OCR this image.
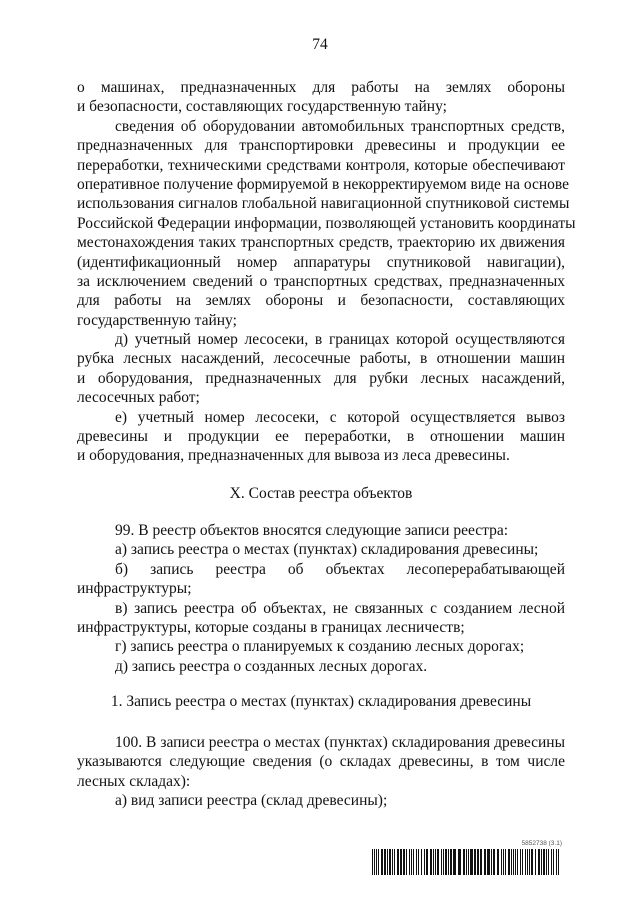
74
о машинах, предназначенных для работы на землях обороны
и безопасности, составляющих государственную тайну;
сведения об оборудовании автомобильных транспортных средств,
предназначенных для транспортировки древесины и продукции ее
переработки, техническими средствами контроля, которые обеспечивают
оперативное получение формируемой в некорректируемом виде на основе
использования сигналов глобальной навигационной спутниковой системы
Российской Федерации информации, позволяющей установить координаты
местонахождения таких транспортных средств, траекторию их движения
(идентификационный номер аппаратуры спутниковой навигации),
за исключением сведений о транспортных средствах, предназначенных
для работы на землях обороны и безопасности, составляющих
государственную тайну;
д) учетный номер лесосеки, в границах которой осуществляются
рубка лесных насаждений, лесосечные работы, в отношении машин
и оборудования, предназначенных для рубки лесных насаждений,
лесосечных работ;
е) учетный номер лесосеки, с которой осуществляется вывоз
древесины и продукции ее переработки, в отношении машин
и оборудования, предназначенных для вывоза из леса древесины.
X. Состав реестра объектов
99. В реестр объектов вносятся следующие записи реестра:
а) запись реестра о местах (пунктах) складирования древесины;
б) запись реестра об объектах лесоперерабатывающей
инфраструктуры;
в) запись реестра об объектах, не связанных с созданием лесной
инфраструктуры, которые созданы в границах лесничеств;
г) запись реестра о планируемых к созданию лесных дорогах;
д) запись реестра о созданных лесных дорогах.
1. Запись реестра о местах (пунктах) складирования древесины
100. В записи реестра о местах (пунктах) складирования древесины
указываются следующие сведения (о складах древесины, в том числе
лесных складах):
а) вид записи реестра (склад древесины);
5852738 (3.1)
